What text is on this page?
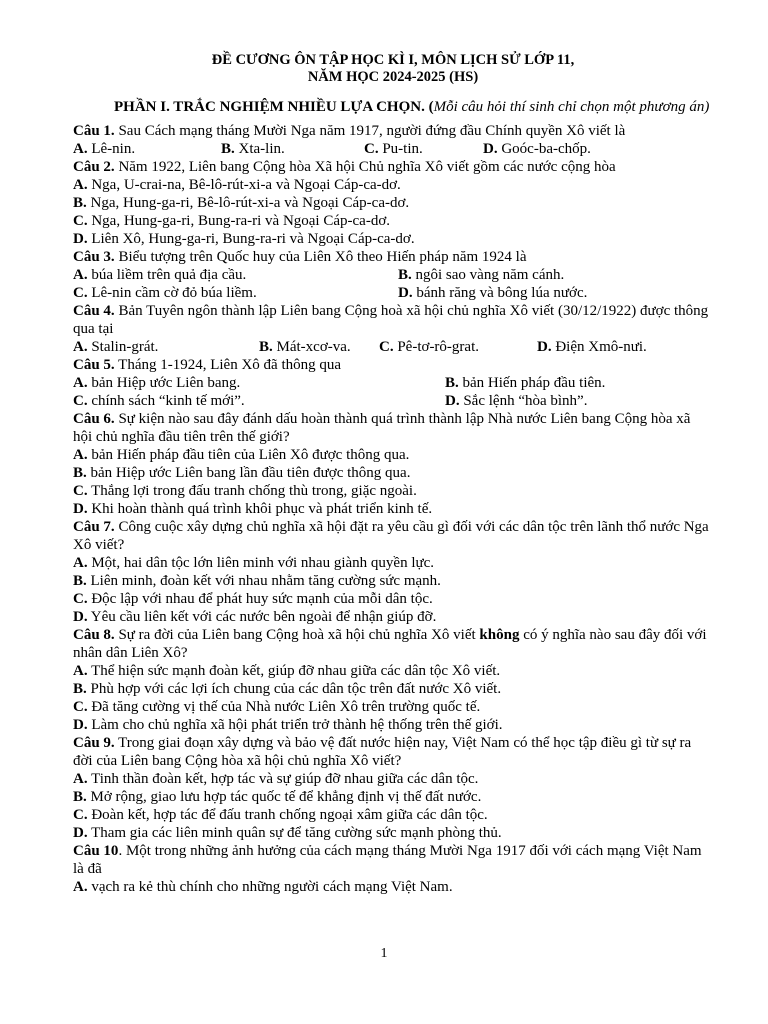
ĐỀ CƯƠNG ÔN TẬP HỌC KÌ I, MÔN LỊCH SỬ LỚP 11,
NĂM HỌC 2024-2025 (HS)
PHẦN I. TRẮC NGHIỆM NHIỀU LỰA CHỌN. (Mỗi câu hỏi thí sinh chỉ chọn một phương án)
Câu 1. Sau Cách mạng tháng Mười Nga năm 1917, người đứng đầu Chính quyền Xô viết là
A. Lê-nin.	B. Xta-lin.	C. Pu-tin.	D. Goóc-ba-chốp.
Câu 2. Năm 1922, Liên bang Cộng hòa Xã hội Chủ nghĩa Xô viết gồm các nước cộng hòa
A. Nga, U-crai-na, Bê-lô-rút-xi-a và Ngoại Cáp-ca-dơ.
B. Nga, Hung-ga-ri, Bê-lô-rút-xi-a và Ngoại Cáp-ca-dơ.
C. Nga, Hung-ga-ri, Bung-ra-ri và Ngoại Cáp-ca-dơ.
D. Liên Xô, Hung-ga-ri, Bung-ra-ri và Ngoại Cáp-ca-dơ.
Câu 3. Biểu tượng trên Quốc huy của Liên Xô theo Hiến pháp năm 1924 là
A. búa liềm trên quả địa cầu.	B. ngôi sao vàng năm cánh.
C. Lê-nin cầm cờ đỏ búa liềm.	D. bánh răng và bông lúa nước.
Câu 4. Bản Tuyên ngôn thành lập Liên bang Cộng hoà xã hội chủ nghĩa Xô viết (30/12/1922) được thông qua tại
A. Stalin-grát.	B. Mát-xcơ-va. C. Pê-tơ-rô-grat.	D. Điện Xmô-nưi.
Câu 5. Tháng 1-1924, Liên Xô đã thông qua
A. bản Hiệp ước Liên bang.	B. bản Hiến pháp đầu tiên.
C. chính sách “kinh tế mới”.	D. Sắc lệnh “hòa bình”.
Câu 6. Sự kiện nào sau đây đánh dấu hoàn thành quá trình thành lập Nhà nước Liên bang Cộng hòa xã hội chủ nghĩa đầu tiên trên thế giới?
A. bản Hiến pháp đầu tiên của Liên Xô được thông qua.
B. bản Hiệp ước Liên bang lần đầu tiên được thông qua.
C. Thắng lợi trong đấu tranh chống thù trong, giặc ngoài.
D. Khi hoàn thành quá trình khôi phục và phát triển kinh tế.
Câu 7. Công cuộc xây dựng chủ nghĩa xã hội đặt ra yêu cầu gì đối với các dân tộc trên lãnh thổ nước Nga Xô viết?
A. Một, hai dân tộc lớn liên minh với nhau giành quyền lực.
B. Liên minh, đoàn kết với nhau nhằm tăng cường sức mạnh.
C. Độc lập với nhau để phát huy sức mạnh của mỗi dân tộc.
D. Yêu cầu liên kết với các nước bên ngoài để nhận giúp đỡ.
Câu 8. Sự ra đời của Liên bang Cộng hoà xã hội chủ nghĩa Xô viết không có ý nghĩa nào sau đây đối với nhân dân Liên Xô?
A. Thể hiện sức mạnh đoàn kết, giúp đỡ nhau giữa các dân tộc Xô viết.
B. Phù hợp với các lợi ích chung của các dân tộc trên đất nước Xô viết.
C. Đã tăng cường vị thế của Nhà nước Liên Xô trên trường quốc tế.
D. Làm cho chủ nghĩa xã hội phát triển trở thành hệ thống trên thế giới.
Câu 9. Trong giai đoạn xây dựng và bảo vệ đất nước hiện nay, Việt Nam có thể học tập điều gì từ sự ra đời của Liên bang Cộng hòa xã hội chủ nghĩa Xô viết?
A. Tinh thần đoàn kết, hợp tác và sự giúp đỡ nhau giữa các dân tộc.
B. Mở rộng, giao lưu hợp tác quốc tế để khẳng định vị thế đất nước.
C. Đoàn kết, hợp tác để đấu tranh chống ngoại xâm giữa các dân tộc.
D. Tham gia các liên minh quân sự để tăng cường sức mạnh phòng thủ.
Câu 10. Một trong những ảnh hưởng của cách mạng tháng Mười Nga 1917 đối với cách mạng Việt Nam là đã
A. vạch ra kẻ thù chính cho những người cách mạng Việt Nam.
1
